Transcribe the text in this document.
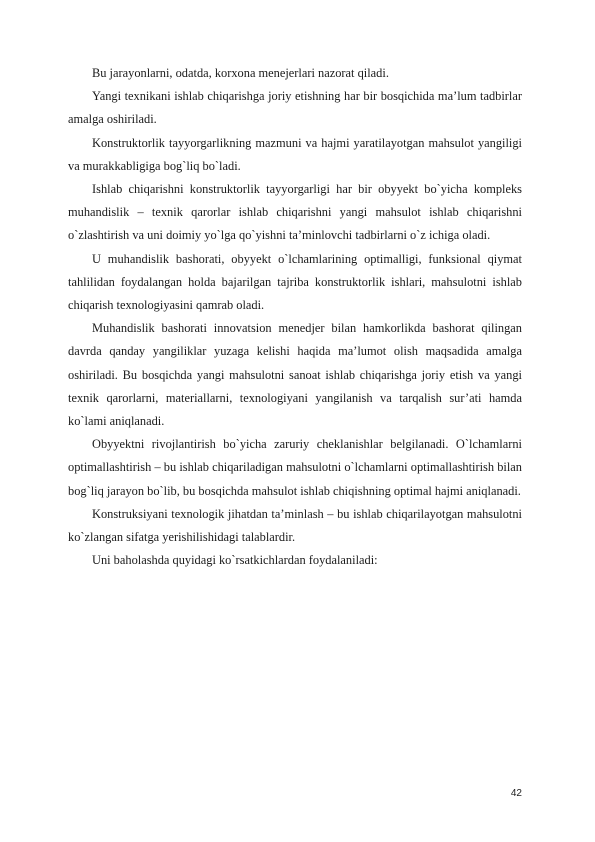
Bu jarayonlarni, odatda, korxona menejerlari nazorat qiladi.

Yangi texnikani ishlab chiqarishga joriy etishning har bir bosqichida ma’lum tadbirlar amalga oshiriladi.

Konstruktorlik tayyorgarlikning mazmuni va hajmi yaratilayotgan mahsulot yangiligi va murakkabligiga bog`liq bo`ladi.

Ishlab chiqarishni konstruktorlik tayyorgarligi har bir obyyekt bo`yicha kompleks muhandislik – texnik qarorlar ishlab chiqarishni yangi mahsulot ishlab chiqarishni o`zlashtirish va uni doimiy yo`lga qo`yishni ta’minlovchi tadbirlarni o`z ichiga oladi.

U muhandislik bashorati, obyyekt o`lchamlarining optimalligi, funksional qiymat tahlilidan foydalangan holda bajarilgan tajriba konstruktorlik ishlari, mahsulotni ishlab chiqarish texnologiyasini qamrab oladi.

Muhandislik bashorati innovatsion menedjer bilan hamkorlikda bashorat qilingan davrda qanday yangiliklar yuzaga kelishi haqida ma’lumot olish maqsadida amalga oshiriladi. Bu bosqichda yangi mahsulotni sanoat ishlab chiqarishga joriy etish va yangi texnik qarorlarni, materiallarni, texnologiyani yangilanish va tarqalish sur’ati hamda ko`lami aniqlanadi.

Obyyektni rivojlantirish bo`yicha zaruriy cheklanishlar belgilanadi. O`lchamlarni optimallashtirish – bu ishlab chiqariladigan mahsulotni o`lchamlarni optimallashtirish bilan bog`liq jarayon bo`lib, bu bosqichda mahsulot ishlab chiqishning optimal hajmi aniqlanadi.

Konstruksiyani texnologik jihatdan ta’minlash – bu ishlab chiqarilayotgan mahsulotni ko`zlangan sifatga yerishilishidagi talablardir.

Uni baholashda quyidagi ko`rsatkichlardan foydalaniladi:

42
